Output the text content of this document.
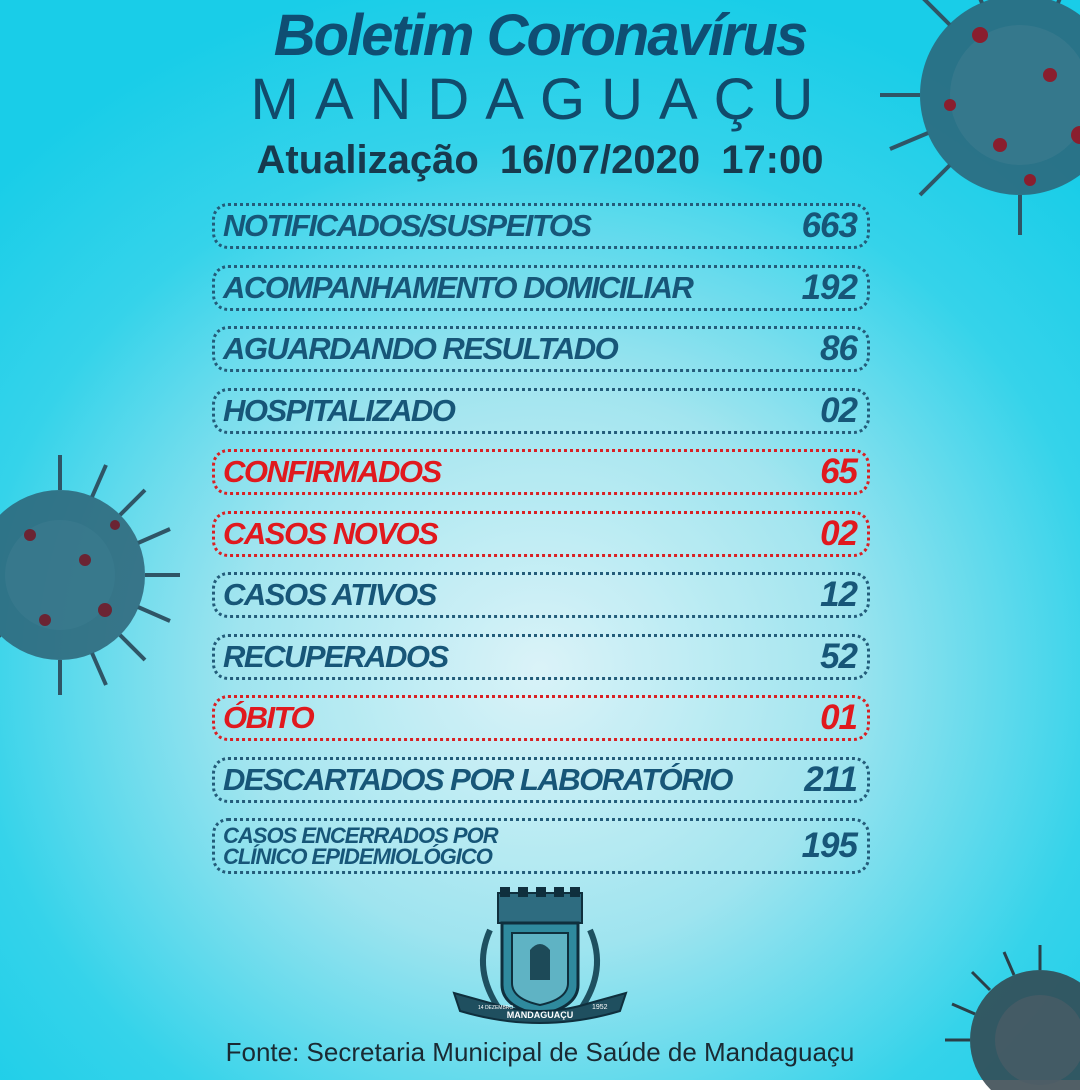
Boletim Coronavírus
MANDAGUAÇU
Atualização 16/07/2020 17:00
NOTIFICADOS/SUSPEITOS	663
ACOMPANHAMENTO DOMICILIAR	192
AGUARDANDO RESULTADO	86
HOSPITALIZADO	02
CONFIRMADOS	65
CASOS NOVOS	02
CASOS ATIVOS	12
RECUPERADOS	52
ÓBITO	01
DESCARTADOS POR LABORATÓRIO 211
CASOS ENCERRADOS POR CLÍNICO EPIDEMIOLÓGICO	195
MANDAGUAÇU
14 DEZEMBRO	1952
Fonte: Secretaria Municipal de Saúde de Mandaguaçu
